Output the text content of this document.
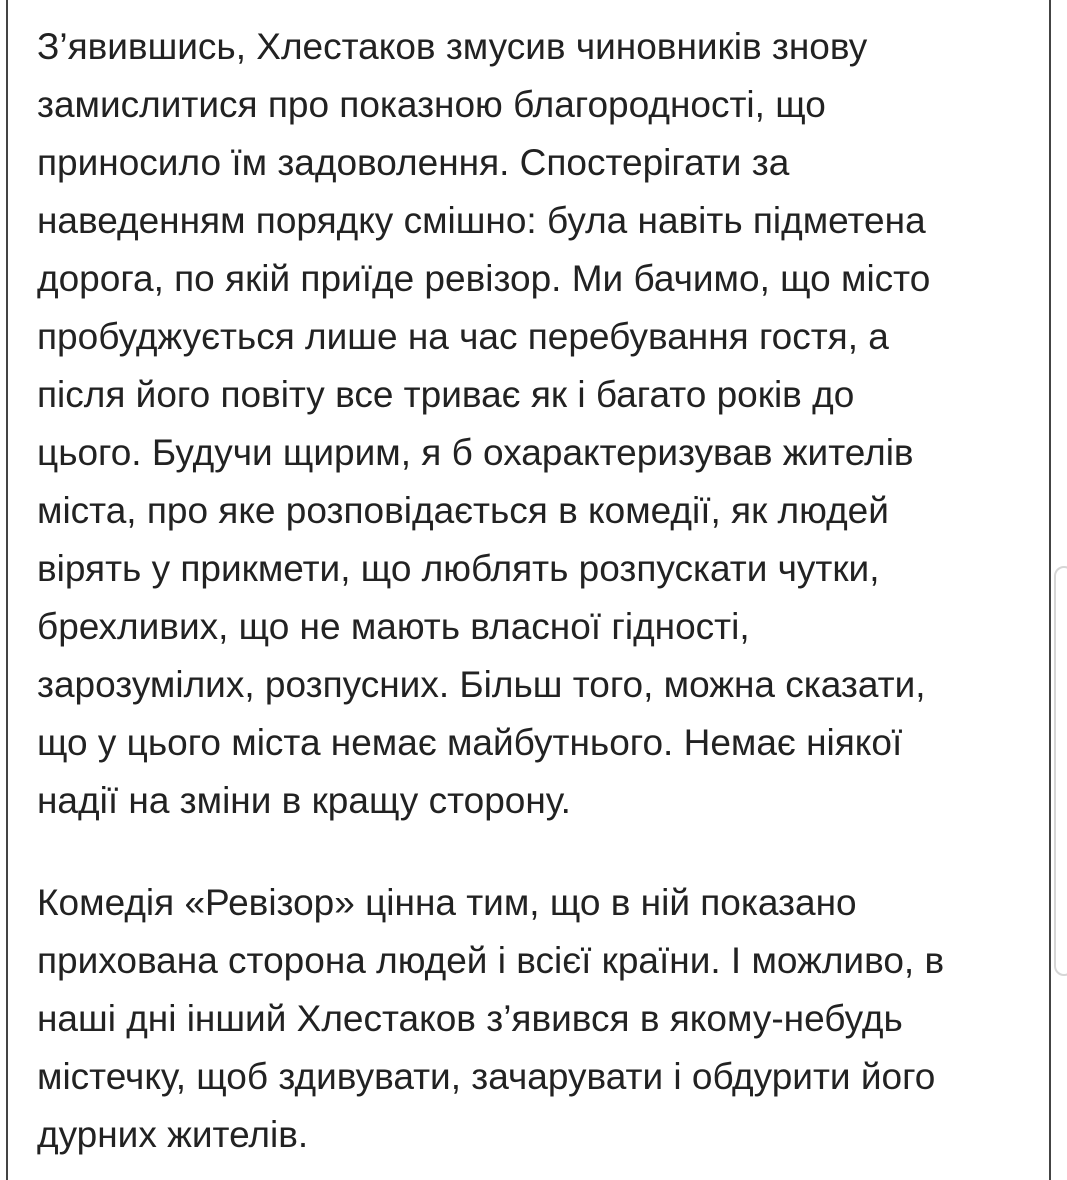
З’явившись, Хлестаков змусив чиновників знову
замислитися про показною благородності, що
приносило їм задоволення. Спостерігати за
наведенням порядку смішно: була навіть підметена
дорога, по якій приїде ревізор. Ми бачимо, що місто
пробуджується лише на час перебування гостя, а
після його повіту все триває як і багато років до
цього. Будучи щирим, я б охарактеризував жителів
міста, про яке розповідається в комедії, як людей
вірять у прикмети, що люблять розпускати чутки,
брехливих, що не мають власної гідності,
зарозумілих, розпусних. Більш того, можна сказати,
що у цього міста немає майбутнього. Немає ніякої
надії на зміни в кращу сторону.
Комедія «Ревізор» цінна тим, що в ній показано
прихована сторона людей і всієї країни. І можливо, в
наші дні інший Хлестаков з’явився в якому-небудь
містечку, щоб здивувати, зачарувати і обдурити його
дурних жителів.
